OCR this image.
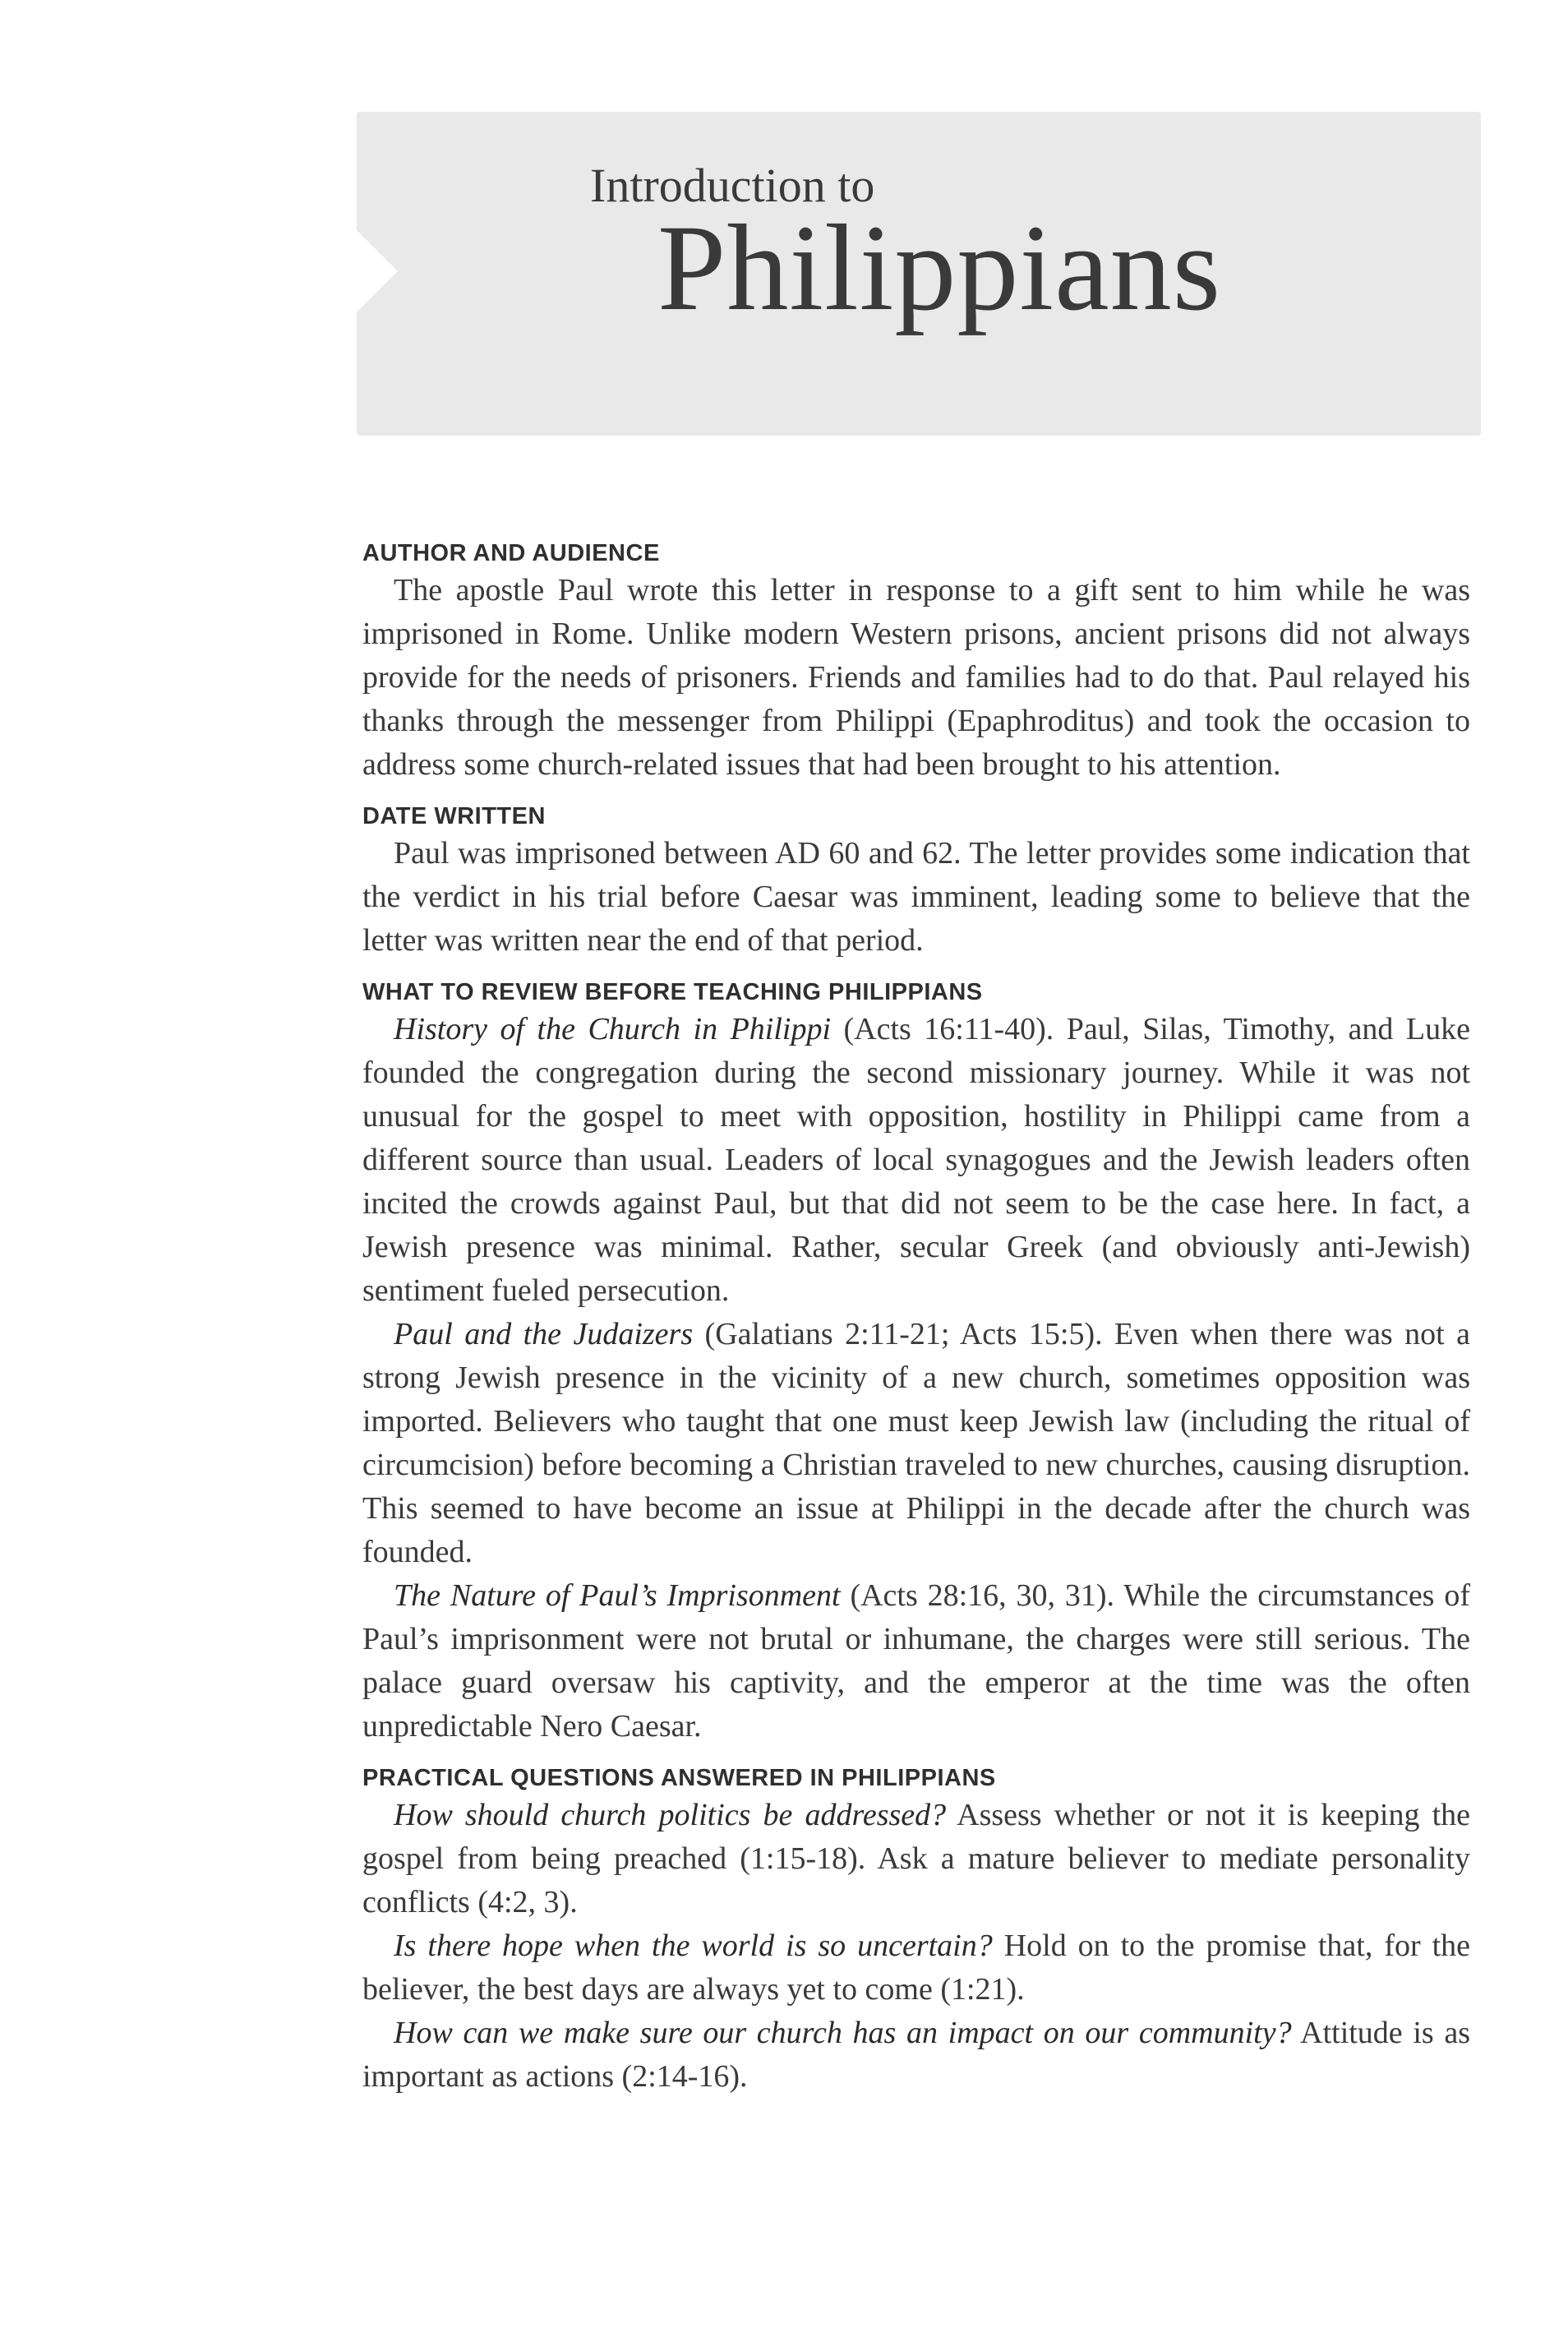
Introduction to
Philippians
AUTHOR AND AUDIENCE

The apostle Paul wrote this letter in response to a gift sent to him while he was imprisoned in Rome. Unlike modern Western prisons, ancient prisons did not always provide for the needs of prisoners. Friends and families had to do that. Paul relayed his thanks through the messenger from Philippi (Epaphroditus) and took the occasion to address some church-related issues that had been brought to his attention.

DATE WRITTEN

Paul was imprisoned between AD 60 and 62. The letter provides some indication that the verdict in his trial before Caesar was imminent, leading some to believe that the letter was written near the end of that period.

WHAT TO REVIEW BEFORE TEACHING PHILIPPIANS

History of the Church in Philippi (Acts 16:11-40). Paul, Silas, Timothy, and Luke founded the congregation during the second missionary journey. While it was not unusual for the gospel to meet with opposition, hostility in Philippi came from a different source than usual. Leaders of local synagogues and the Jewish leaders often incited the crowds against Paul, but that did not seem to be the case here. In fact, a Jewish presence was minimal. Rather, secular Greek (and obviously anti-Jewish) sentiment fueled persecution.

Paul and the Judaizers (Galatians 2:11-21; Acts 15:5). Even when there was not a strong Jewish presence in the vicinity of a new church, sometimes opposition was imported. Believers who taught that one must keep Jewish law (including the ritual of circumcision) before becoming a Christian traveled to new churches, causing disruption. This seemed to have become an issue at Philippi in the decade after the church was founded.

The Nature of Paul’s Imprisonment (Acts 28:16, 30, 31). While the circumstances of Paul’s imprisonment were not brutal or inhumane, the charges were still serious. The palace guard oversaw his captivity, and the emperor at the time was the often unpredictable Nero Caesar.

PRACTICAL QUESTIONS ANSWERED IN PHILIPPIANS

How should church politics be addressed? Assess whether or not it is keeping the gospel from being preached (1:15-18). Ask a mature believer to mediate personality conflicts (4:2, 3).

Is there hope when the world is so uncertain? Hold on to the promise that, for the believer, the best days are always yet to come (1:21).

How can we make sure our church has an impact on our community? Attitude is as important as actions (2:14-16).
